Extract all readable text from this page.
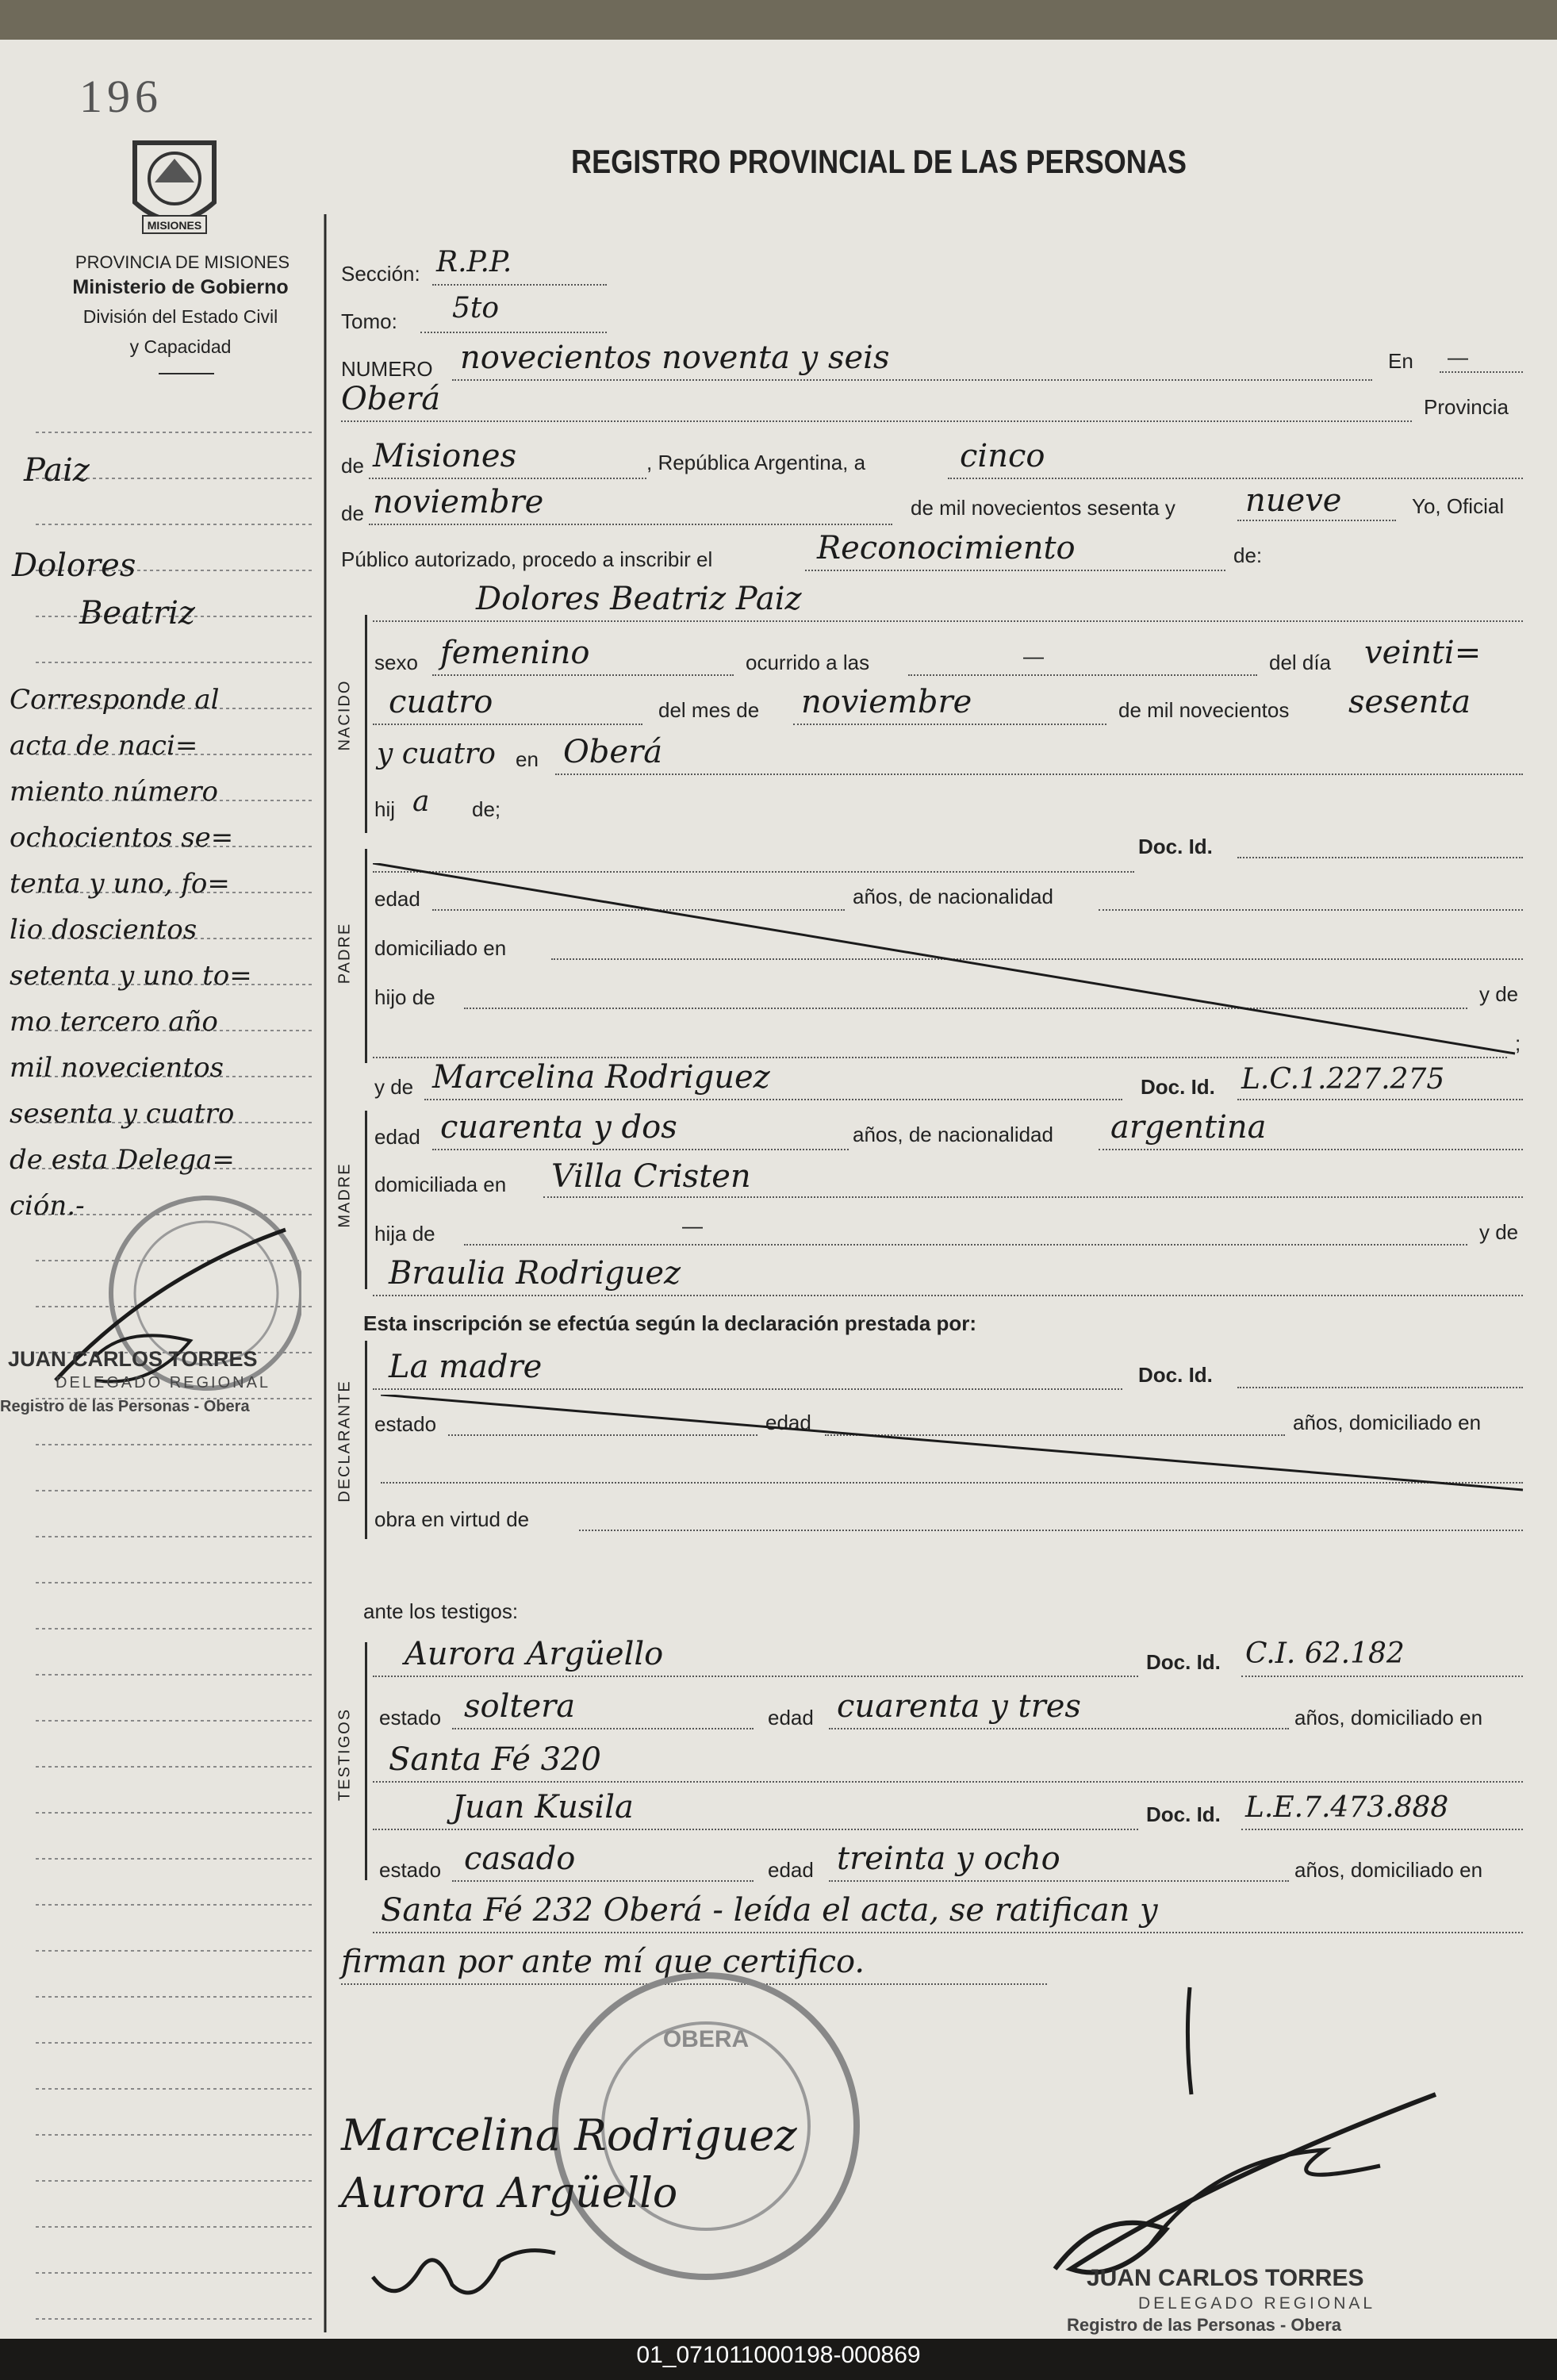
196
MISIONES
PROVINCIA DE MISIONES
Ministerio de Gobierno
División del Estado Civil
y Capacidad
REGISTRO PROVINCIAL DE LAS PERSONAS
Paiz
Dolores
Beatriz
Corresponde al
acta de naci=
miento número
ochocientos se=
tenta y uno, fo=
lio doscientos
setenta y uno to=
mo tercero año
mil novecientos
sesenta y cuatro
de esta Delega=
ción.-
JUAN CARLOS TORRES
DELEGADO REGIONAL
Registro de las Personas - Obera
Sección: R.P.P.
Tomo: 5to
NUMERO novecientos noventa y seis	En —
Oberá	Provincia
de Misiones	, República Argentina, a	cinco
de noviembre	de mil novecientos sesenta y nueve	Yo, Oficial
Público autorizado, procedo a inscribir el	Reconocimiento	de:
Dolores Beatriz Paiz
NACIDO
sexo femenino	ocurrido a las	—	del día veinti=
cuatro	del mes de noviembre	de mil novecientos sesenta
y cuatro en Oberá
hij a de;
PADRE
Doc. Id.
edad	años, de nacionalidad
domiciliado en
hijo de	y de
;
MADRE
y de Marcelina Rodriguez	Doc. Id. L.C.1.227.275
edad cuarenta y dos	años, de nacionalidad argentina
domiciliada en Villa Cristen
hija de	—	y de
Braulia Rodriguez
Esta inscripción se efectúa según la declaración prestada por:
DECLARANTE
La madre	Doc. Id.
estado	edad	años, domiciliado en
obra en virtud de
ante los testigos:
TESTIGOS
Aurora Argüello	Doc. Id. C.I. 62.182
estado soltera	edad cuarenta y tres	años, domiciliado en
Santa Fé 320
Juan Kusila	Doc. Id. L.E.7.473.888
estado casado	edad treinta y ocho	años, domiciliado en
Santa Fé 232 Oberá - leída el acta, se ratifican y
firman por ante mí que certifico.
OBERA
Marcelina Rodriguez
Aurora Argüello
JUAN CARLOS TORRES
DELEGADO REGIONAL
Registro de las Personas - Obera
01_071011000198-000869
